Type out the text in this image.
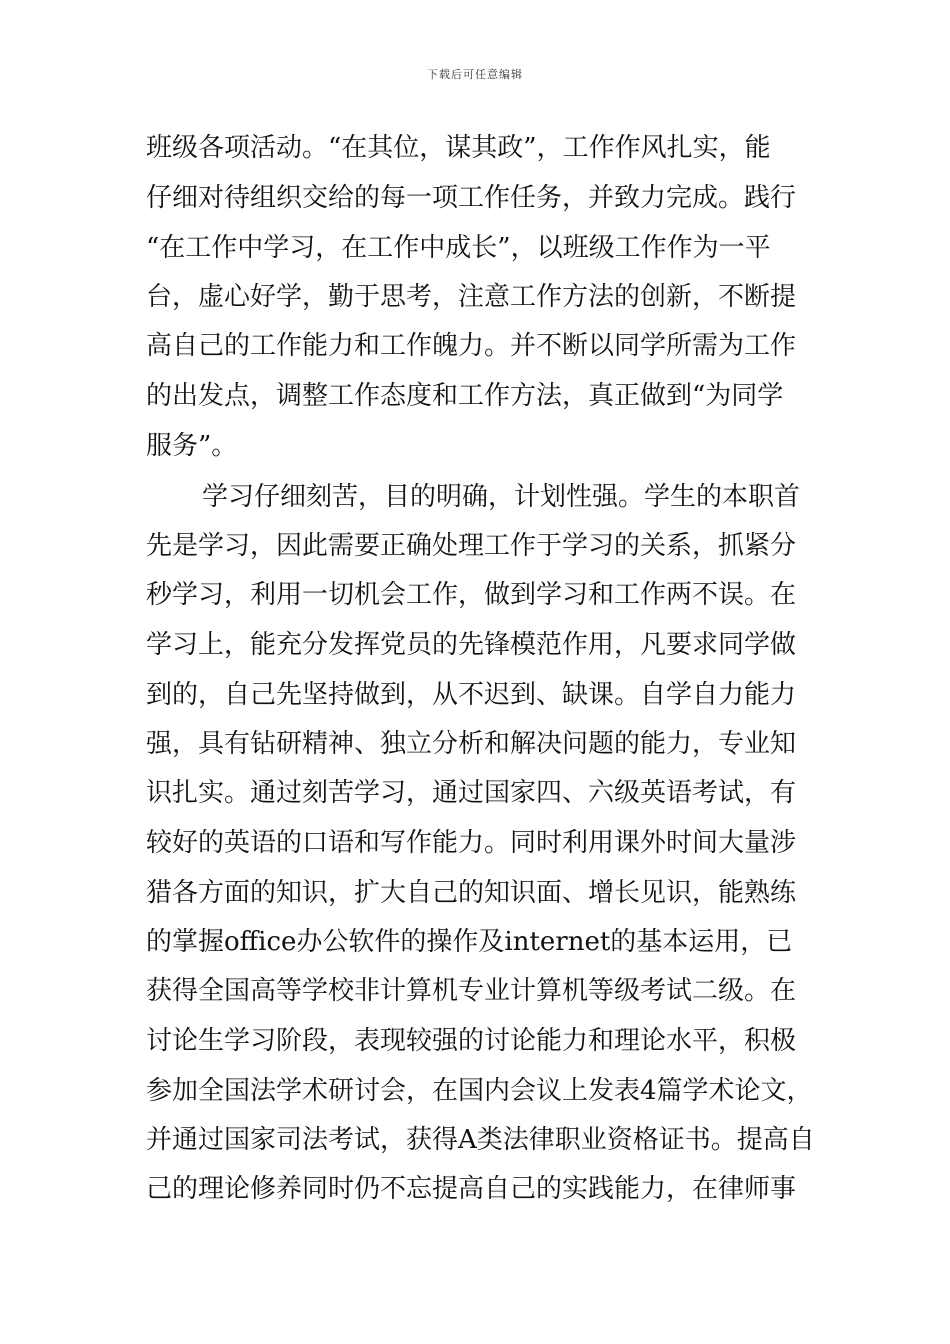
下载后可任意编辑
班级各项活动。“在其位，谋其政”，工作作风扎实，能
仔细对待组织交给的每一项工作任务，并致力完成。践行
“在工作中学习，在工作中成长”，以班级工作作为一平
台，虚心好学，勤于思考，注意工作方法的创新，不断提
高自己的工作能力和工作魄力。并不断以同学所需为工作
的出发点，调整工作态度和工作方法，真正做到“为同学
服务”。
学习仔细刻苦，目的明确，计划性强。学生的本职首
先是学习，因此需要正确处理工作于学习的关系，抓紧分
秒学习，利用一切机会工作，做到学习和工作两不误。在
学习上，能充分发挥党员的先锋模范作用，凡要求同学做
到的，自己先坚持做到，从不迟到、缺课。自学自力能力
强，具有钻研精神、独立分析和解决问题的能力，专业知
识扎实。通过刻苦学习，通过国家四、六级英语考试，有
较好的英语的口语和写作能力。同时利用课外时间大量涉
猎各方面的知识，扩大自己的知识面、增长见识，能熟练
的掌握office办公软件的操作及internet的基本运用，已
获得全国高等学校非计算机专业计算机等级考试二级。在
讨论生学习阶段，表现较强的讨论能力和理论水平，积极
参加全国法学术研讨会，在国内会议上发表4篇学术论文，
并通过国家司法考试，获得A类法律职业资格证书。提高自
己的理论修养同时仍不忘提高自己的实践能力，在律师事
